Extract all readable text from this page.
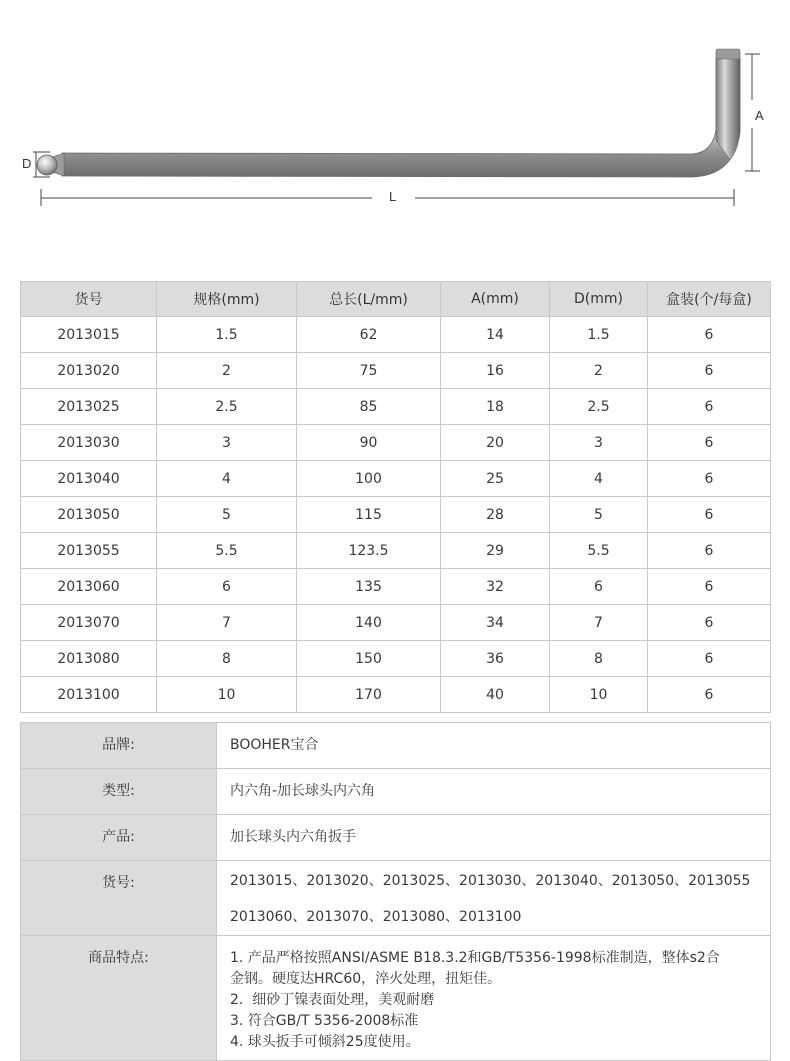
D
L
A
货号	规格(mm)	总长(L/mm)	A(mm)	D(mm)	盒装(个/每盒)
2013015	1.5	62	14	1.5	6
2013020	2	75	16	2	6
2013025	2.5	85	18	2.5	6
2013030	3	90	20	3	6
2013040	4	100	25	4	6
2013050	5	115	28	5	6
2013055	5.5	123.5	29	5.5	6
2013060	6	135	32	6	6
2013070	7	140	34	7	6
2013080	8	150	36	8	6
2013100	10	170	40	10	6
品牌:	BOOHER宝合
类型:	内六角-加长球头内六角
产品:	加长球头内六角扳手
货号:	2013015、2013020、2013025、2013030、2013040、2013050、2013055
2013060、2013070、2013080、2013100

商品特点:	1. 产品严格按照ANSI/ASME B18.3.2和GB/T5356-1998标准制造，整体s2合
金钢。硬度达HRC60，淬火处理，扭矩佳。
2.  细砂丁镍表面处理，美观耐磨
3. 符合GB/T 5356-2008标准
4. 球头扳手可倾斜25度使用。
